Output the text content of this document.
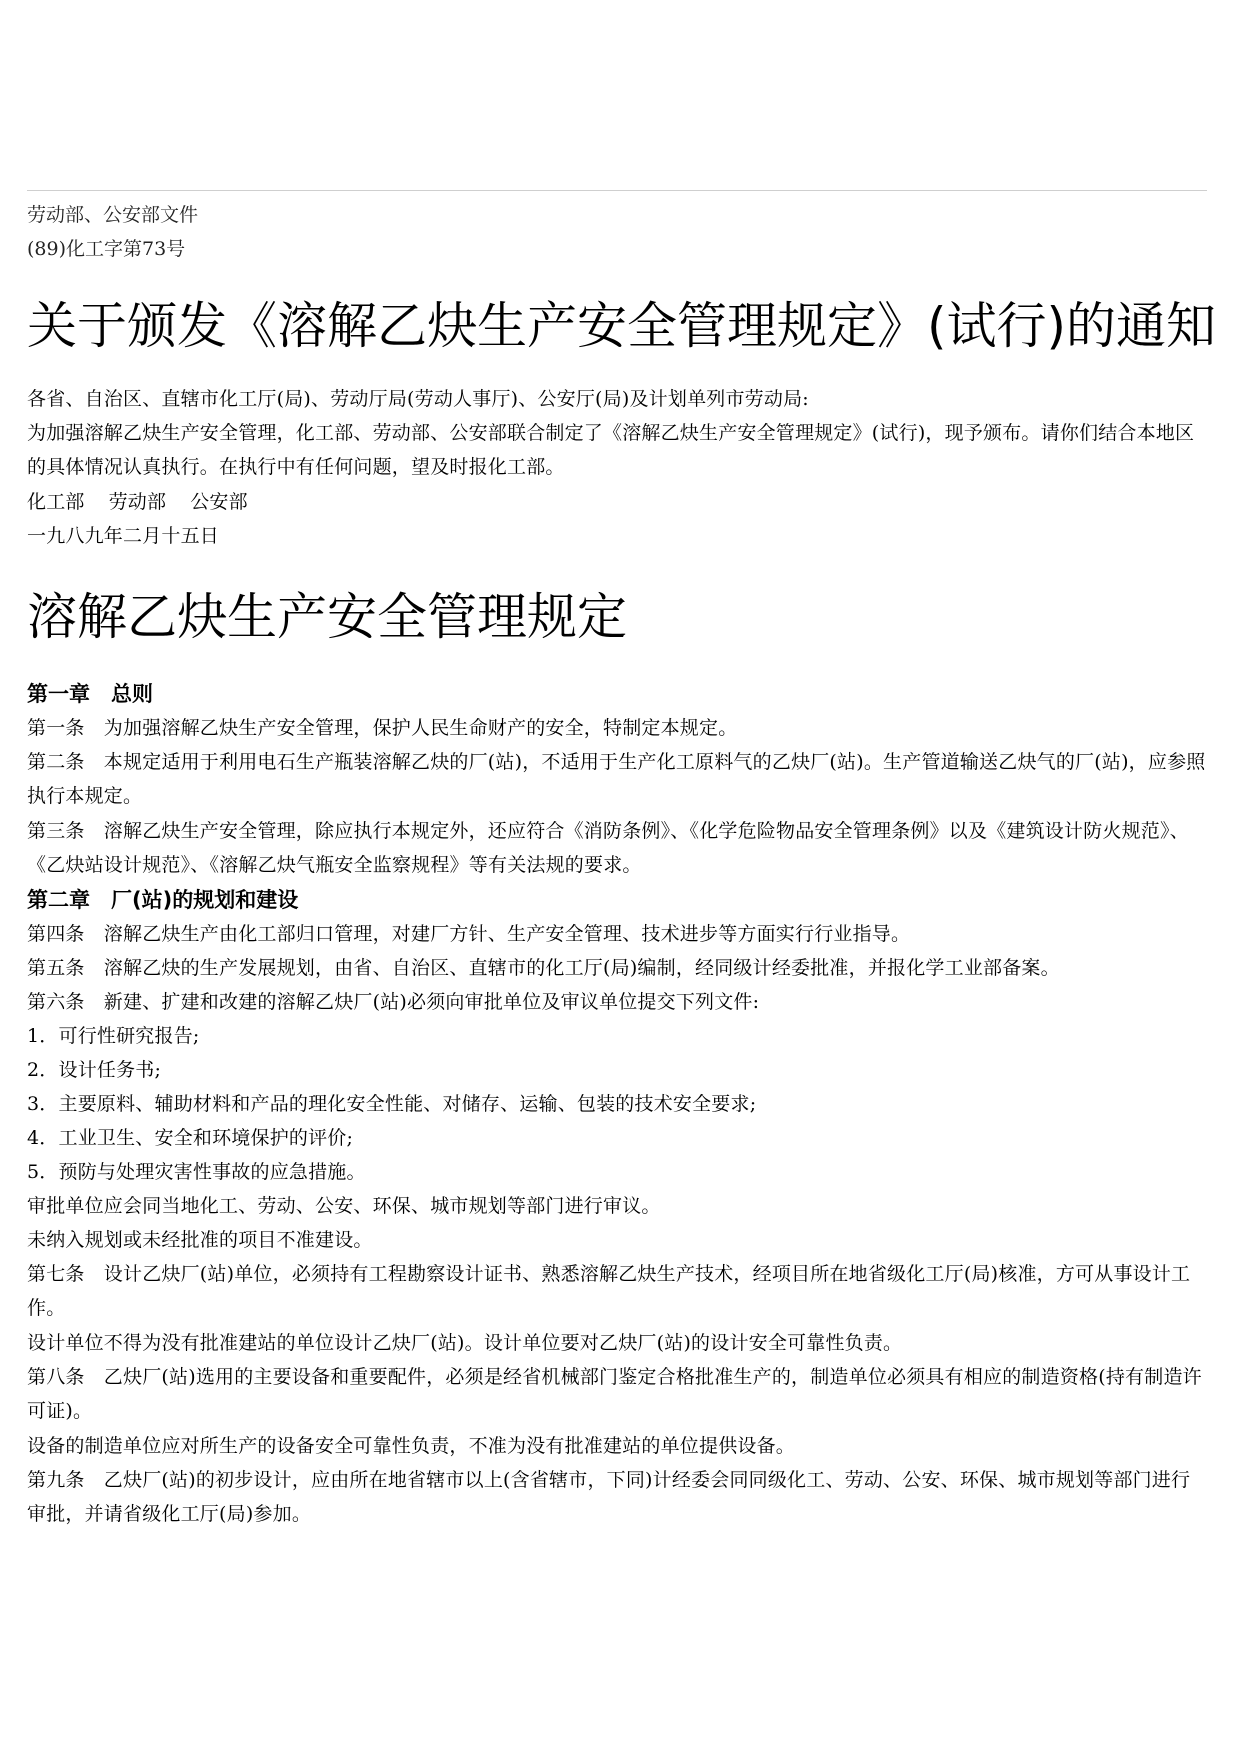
劳动部、公安部文件

(89)化工字第73号

关于颁发《溶解乙炔生产安全管理规定》(试行)的通知

各省、自治区、直辖市化工厅(局)、劳动厅局(劳动人事厅)、公安厅(局)及计划单列市劳动局:

为加强溶解乙炔生产安全管理，化工部、劳动部、公安部联合制定了《溶解乙炔生产安全管理规定》(试行)，现予颁布。请你们结合本地区的具体情况认真执行。在执行中有任何问题，望及时报化工部。

化工部 劳动部 公安部

一九八九年二月十五日

溶解乙炔生产安全管理规定
第一章　总则

第一条　为加强溶解乙炔生产安全管理，保护人民生命财产的安全，特制定本规定。

第二条　本规定适用于利用电石生产瓶装溶解乙炔的厂(站)，不适用于生产化工原料气的乙炔厂(站)。生产管道输送乙炔气的厂(站)，应参照执行本规定。

第三条　溶解乙炔生产安全管理，除应执行本规定外，还应符合《消防条例》、《化学危险物品安全管理条例》以及《建筑设计防火规范》、《乙炔站设计规范》、《溶解乙炔气瓶安全监察规程》等有关法规的要求。

第二章　厂(站)的规划和建设

第四条　溶解乙炔生产由化工部归口管理，对建厂方针、生产安全管理、技术进步等方面实行行业指导。

第五条　溶解乙炔的生产发展规划，由省、自治区、直辖市的化工厅(局)编制，经同级计经委批准，并报化学工业部备案。

第六条　新建、扩建和改建的溶解乙炔厂(站)必须向审批单位及审议单位提交下列文件:

1．可行性研究报告;

2．设计任务书;

3．主要原料、辅助材料和产品的理化安全性能、对储存、运输、包装的技术安全要求;

4．工业卫生、安全和环境保护的评价;

5．预防与处理灾害性事故的应急措施。

审批单位应会同当地化工、劳动、公安、环保、城市规划等部门进行审议。

未纳入规划或未经批准的项目不准建设。

第七条　设计乙炔厂(站)单位，必须持有工程勘察设计证书、熟悉溶解乙炔生产技术，经项目所在地省级化工厅(局)核准，方可从事设计工作。

设计单位不得为没有批准建站的单位设计乙炔厂(站)。设计单位要对乙炔厂(站)的设计安全可靠性负责。

第八条　乙炔厂(站)选用的主要设备和重要配件，必须是经省机械部门鉴定合格批准生产的，制造单位必须具有相应的制造资格(持有制造许可证)。

设备的制造单位应对所生产的设备安全可靠性负责，不准为没有批准建站的单位提供设备。

第九条　乙炔厂(站)的初步设计，应由所在地省辖市以上(含省辖市，下同)计经委会同同级化工、劳动、公安、环保、城市规划等部门进行审批，并请省级化工厅(局)参加。
